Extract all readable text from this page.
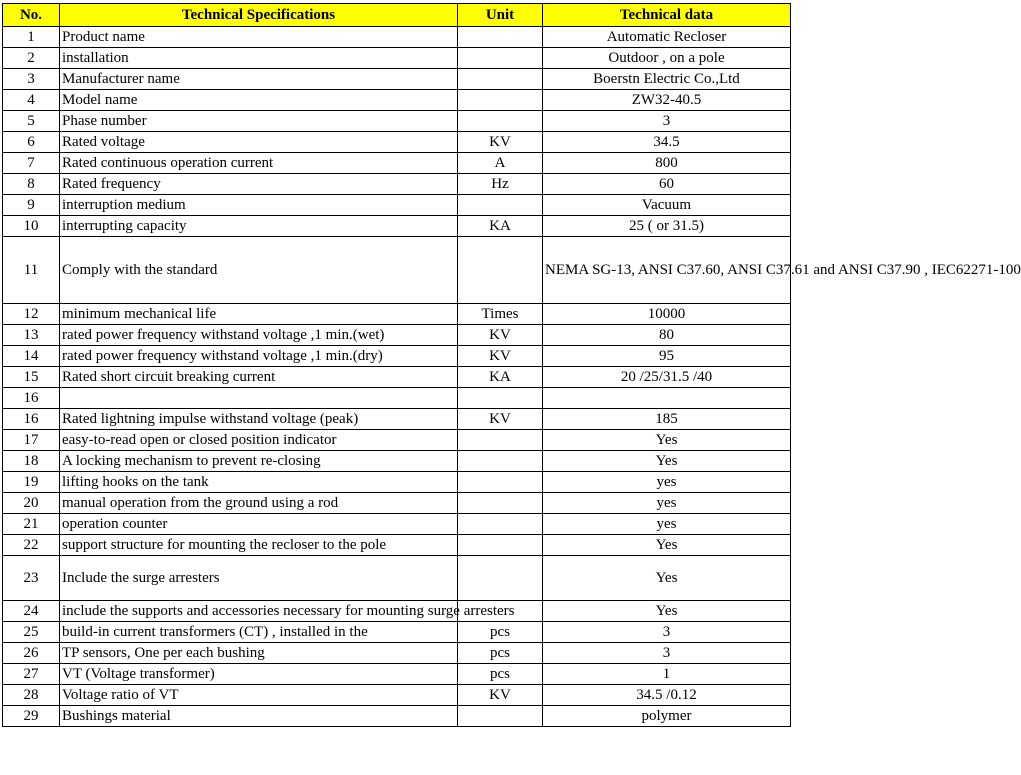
No.	Technical Specifications	Unit	Technical data
1	Product name		Automatic Recloser
2	installation		Outdoor , on a pole
3	Manufacturer name		Boerstn Electric Co.,Ltd
4	Model name		ZW32-40.5
5	Phase number		3
6	Rated voltage	KV	34.5
7	Rated continuous operation current	A	800
8	Rated frequency	Hz	60
9	interruption medium		Vacuum
10	interrupting capacity	KA	25 ( or 31.5)
11	Comply with the standard		NEMA SG-13, ANSI C37.60, ANSI C37.61 and ANSI C37.90 , IEC62271-100
12	minimum mechanical life	Times	10000
13	rated power frequency withstand voltage ,1 min.(wet)	KV	80
14	rated power frequency withstand voltage ,1 min.(dry)	KV	95
15	Rated short circuit breaking current	KA	20 /25/31.5 /40
16			
16	Rated lightning impulse withstand voltage (peak)	KV	185
17	easy-to-read open or closed position indicator		Yes
18	A locking mechanism to prevent re-closing		Yes
19	lifting hooks on the tank		yes
20	manual operation from the ground using a rod		yes
21	operation counter		yes
22	support structure for mounting the recloser to the pole		Yes
23	Include the surge arresters		Yes
24	include the supports and accessories necessary for mounting surge arresters		Yes
25	build-in current transformers (CT) , installed in the	pcs	3
26	TP sensors, One per each bushing	pcs	3
27	VT (Voltage transformer)	pcs	1
28	Voltage ratio of VT	KV	34.5 /0.12
29	Bushings material		polymer
